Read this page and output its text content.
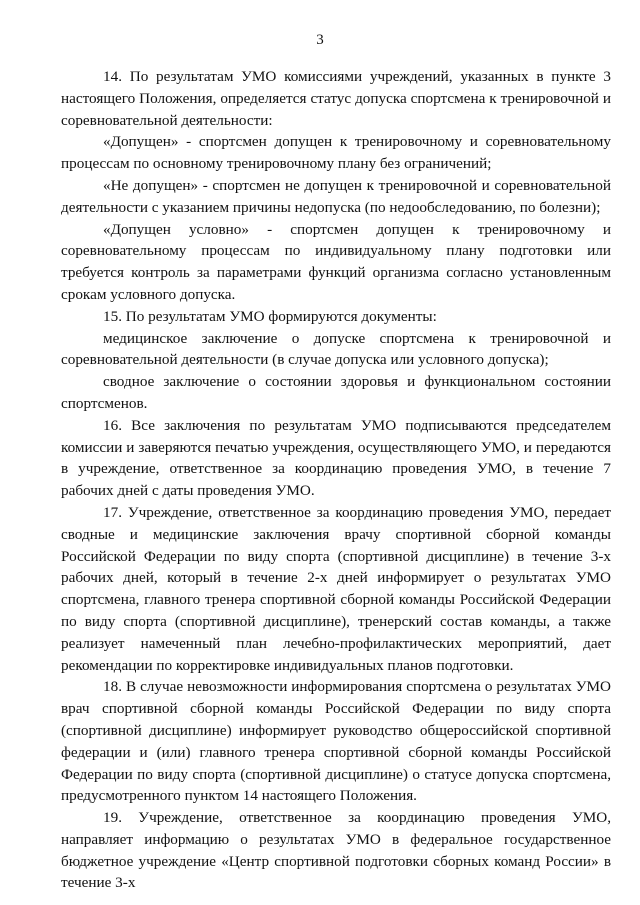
3

14. По результатам УМО комиссиями учреждений, указанных в пункте 3 настоящего Положения, определяется статус допуска спортсмена к тренировочной и соревновательной деятельности:

«Допущен» - спортсмен допущен к тренировочному и соревновательному процессам по основному тренировочному плану без ограничений;

«Не допущен» - спортсмен не допущен к тренировочной и соревновательной деятельности с указанием причины недопуска (по недообследованию, по болезни);

«Допущен условно» - спортсмен допущен к тренировочному и соревновательному процессам по индивидуальному плану подготовки или требуется контроль за параметрами функций организма согласно установленным срокам условного допуска.

15. По результатам УМО формируются документы:

медицинское заключение о допуске спортсмена к тренировочной и соревновательной деятельности (в случае допуска или условного допуска);

сводное заключение о состоянии здоровья и функциональном состоянии спортсменов.

16. Все заключения по результатам УМО подписываются председателем комиссии и заверяются печатью учреждения, осуществляющего УМО, и передаются в учреждение, ответственное за координацию проведения УМО, в течение 7 рабочих дней с даты проведения УМО.

17. Учреждение, ответственное за координацию проведения УМО, передает сводные и медицинские заключения врачу спортивной сборной команды Российской Федерации по виду спорта (спортивной дисциплине) в течение 3-х рабочих дней, который в течение 2-х дней информирует о результатах УМО спортсмена, главного тренера спортивной сборной команды Российской Федерации по виду спорта (спортивной дисциплине), тренерский состав команды, а также реализует намеченный план лечебно-профилактических мероприятий, дает рекомендации по корректировке индивидуальных планов подготовки.

18. В случае невозможности информирования спортсмена о результатах УМО врач спортивной сборной команды Российской Федерации по виду спорта (спортивной дисциплине) информирует руководство общероссийской спортивной федерации и (или) главного тренера спортивной сборной команды Российской Федерации по виду спорта (спортивной дисциплине) о статусе допуска спортсмена, предусмотренного пунктом 14 настоящего Положения.

19. Учреждение, ответственное за координацию проведения УМО, направляет информацию о результатах УМО в федеральное государственное бюджетное учреждение «Центр спортивной подготовки сборных команд России» в течение 3-х
